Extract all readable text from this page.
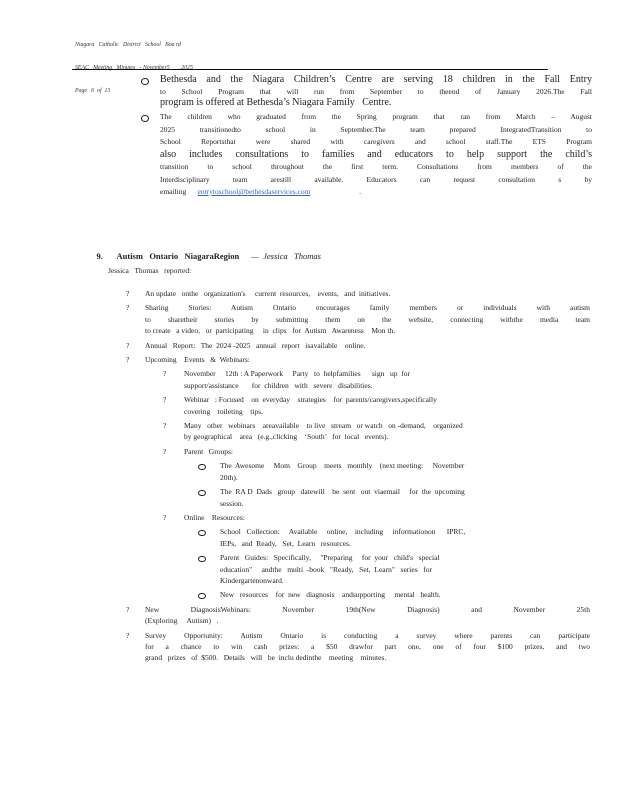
Niagara   Catholic   District   School   Boa rd

SEAC   Meeting   Minutes   - November5      , 2025

Page   6  of  13

Bethesda and the Niagara Children’s Centre are serving 18 children in the Fall Entry
to School Program that will run from September to theend of January 2026.The Fall
program is offered at Bethesda’s Niagara Family   Centre.
The children who graduated from the Spring program that ran from March – August
2025 transitionedto school in September.The team prepared IntegratedTransition to
School Reportsthat were shared with caregivers and school staff.The ETS Program
also includes consultations to families and educators to help support the child’s
transition to school throughout the first term. Consultations from members of the
Interdisciplinary team arestill available. Educators can request consultation s by
emailing      entrytoschool@bethesdaservices.com                          .

9. Autism   Ontario   NiagaraRegion —  Jessica   Thomas

Jessica   Thomas   reported:
? An update   onthe   organization's     current  resources,    events,   and  initiatives.
? Sharing Stories: Autism Ontario encourages family members or individuals with autism
to sharetheir stories by submitting them on the website, connecting withthe media team
to create   a video,   or  participating     in  clips   for  Autism   Awareness    Mon th.
? Annual   Report:   The  2024 -2025   annual   report   isavailable    online.
? Upcoming    Events   &  Webinars:
? November     12th : A Paperwork     Party   to  helpfamilies      sign   up  for
support/assistance       for  children   with   severe   disabilities.
? Webinar   : Focused    on  everyday    strategies    for  parents/caregivers,specifically
covering    toileting    tips.
? Many   other   webinars    areavailable    to live   stream   or watch   on -demand,    organized
by geographical    area   (e.g.,clicking    ‘South’   for  local   events).
? Parent   Groups:
The  Awesome     Mom    Group    meets   monthly    (next meeting:     November
20th).
The  RA D  Dads   group   datewill    be  sent   out  viaemail     for  the  upcoming
session.
? Online    Resources:
School   Collection:     Available     online,    including     informationon      IPRC,
IEPs,   and  Ready,   Set,  Learn   resources.
Parent   Guides:   Specifically,     "Preparing     for  your   child's   special
education"     andthe   multi  -book   "Ready,   Set,  Learn"   series   for
Kindergartenonward.
New   resources    for  new   diagnosis    andsupporting     mental   health.
? New DiagnosisWebinars: November 19th(New Diagnosis) and November 25th
(Exploring     Autism)   .
? Survey Opportunity: Autism Ontario is conducting a survey where parents can participate
for a chance to win cash prizes: a $50 drawfor part one, one of four $100 prizes, and two
grand   prizes   of  $500.   Details   will   be  inclu dedinthe    meeting    minutes.
